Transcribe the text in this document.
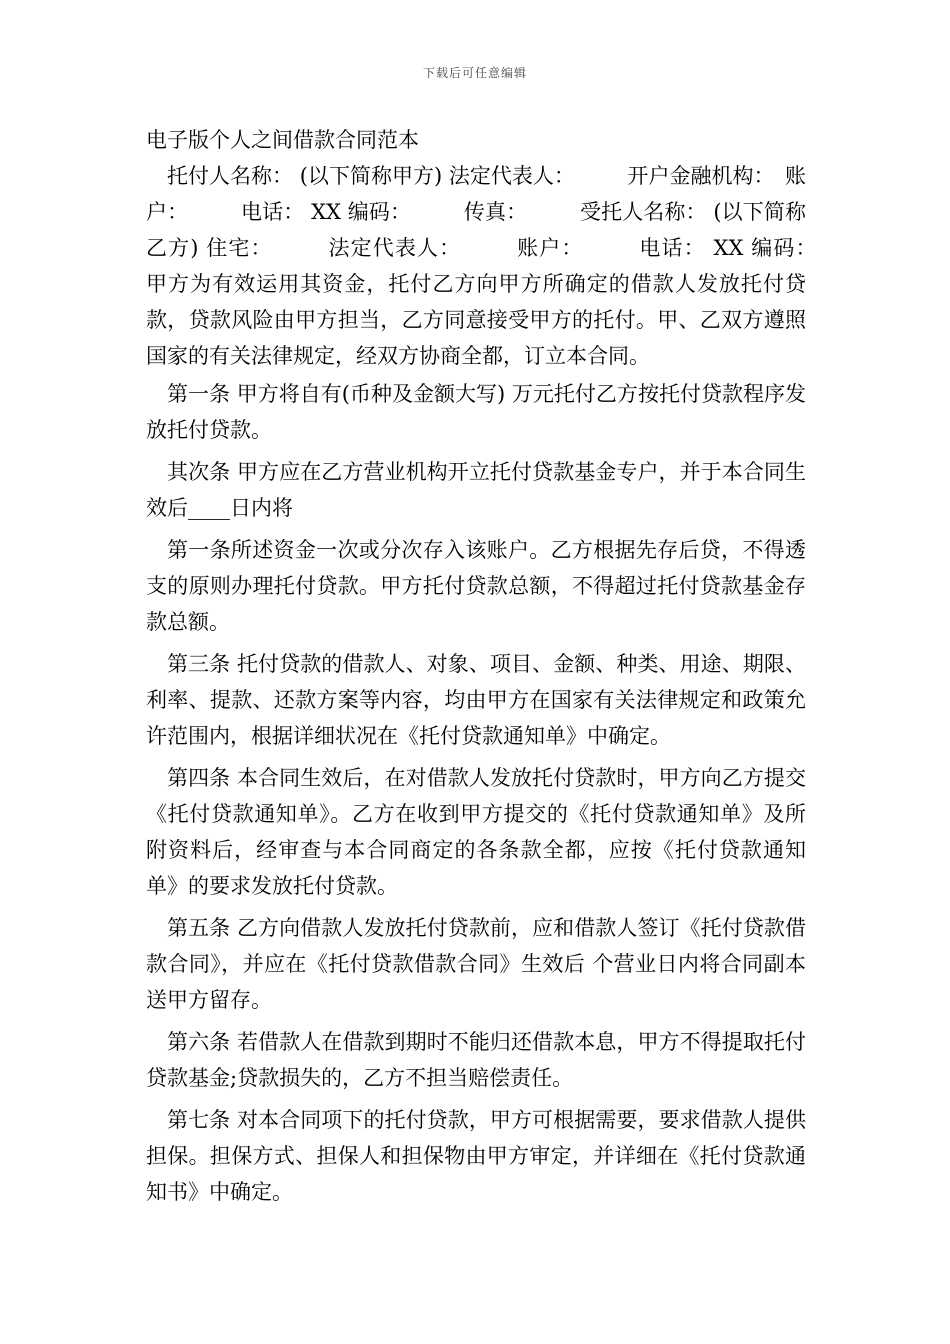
下载后可任意编辑
电子版个人之间借款合同范本

托付人名称： (以下简称甲方) 法定代表人：　　　开户金融机构：　账户：　　　电话： XX 编码：　　　传真：　　　受托人名称： (以下简称乙方) 住宅：　　　法定代表人：　　　账户：　　　电话： XX 编码：　甲方为有效运用其资金，托付乙方向甲方所确定的借款人发放托付贷款，贷款风险由甲方担当，乙方同意接受甲方的托付。甲、乙双方遵照国家的有关法律规定，经双方协商全都，订立本合同。

第一条 甲方将自有(币种及金额大写) 万元托付乙方按托付贷款程序发放托付贷款。

其次条 甲方应在乙方营业机构开立托付贷款基金专户，并于本合同生效后____日内将

第一条所述资金一次或分次存入该账户。乙方根据先存后贷，不得透支的原则办理托付贷款。甲方托付贷款总额，不得超过托付贷款基金存款总额。

第三条 托付贷款的借款人、对象、项目、金额、种类、用途、期限、利率、提款、还款方案等内容，均由甲方在国家有关法律规定和政策允许范围内，根据详细状况在《托付贷款通知单》中确定。

第四条 本合同生效后，在对借款人发放托付贷款时，甲方向乙方提交《托付贷款通知单》。乙方在收到甲方提交的《托付贷款通知单》及所附资料后，经审查与本合同商定的各条款全都，应按《托付贷款通知单》的要求发放托付贷款。

第五条 乙方向借款人发放托付贷款前，应和借款人签订《托付贷款借款合同》，并应在《托付贷款借款合同》生效后 个营业日内将合同副本送甲方留存。

第六条 若借款人在借款到期时不能归还借款本息，甲方不得提取托付贷款基金;贷款损失的，乙方不担当赔偿责任。

第七条 对本合同项下的托付贷款，甲方可根据需要，要求借款人提供担保。担保方式、担保人和担保物由甲方审定，并详细在《托付贷款通知书》中确定。
